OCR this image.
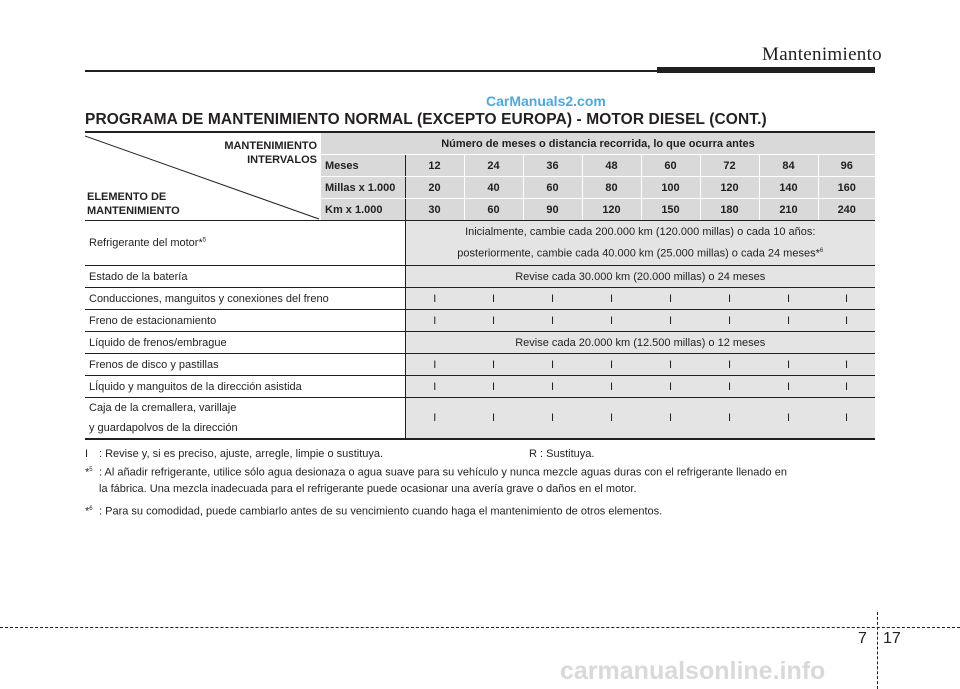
Mantenimiento
CarManuals2.com
PROGRAMA DE MANTENIMIENTO NORMAL (EXCEPTO EUROPA) - MOTOR DIESEL (CONT.)
MANTENIMIENTO
INTERVALOS
ELEMENTO DE
MANTENIMIENTO	Número de meses o distancia recorrida, lo que ocurra antes								
	Meses	12	24	36	48	60	72	84	96
	Millas x 1.000	20	40	60	80	100	120	140	160
	Km x 1.000	30	60	90	120	150	180	210	240
Refrigerante del motor*$^5$		Inicialmente, cambie cada 200.000 km (120.000 millas) o cada 10 años:
posteriormente, cambie cada 40.000 km (25.000 millas) o cada 24 meses*$^6$

Estado de la batería		Revise cada 30.000 km (20.000 millas) o 24 meses							
Conducciones, manguitos y conexiones del freno		I	I	I	I	I	I	I	I
Freno de estacionamiento		I	I	I	I	I	I	I	I
Líquido de frenos/embrague		Revise cada 20.000 km (12.500 millas) o 12 meses							
Frenos de disco y pastillas		I	I	I	I	I	I	I	I
LÍquido y manguitos de la dirección asistida		I	I	I	I	I	I	I	I

Caja de la cremallera, varillaje
y guardapolvos de la dirección		I	I	I	I	I	I	I	I
I : Revise y, si es preciso, ajuste, arregle, limpie o sustituya.	R : Sustituya.
*$^5$ : Al añadir refrigerante, utilice sólo agua desionaza o agua suave para su vehículo y nunca mezcle aguas duras con el refrigerante llenado en
la fábrica. Una mezcla inadecuada para el refrigerante puede ocasionar una avería grave o daños en el motor.
*$^6$ : Para su comodidad, puede cambiarlo antes de su vencimiento cuando haga el mantenimiento de otros elementos.
7 17
carmanualsonline.info
